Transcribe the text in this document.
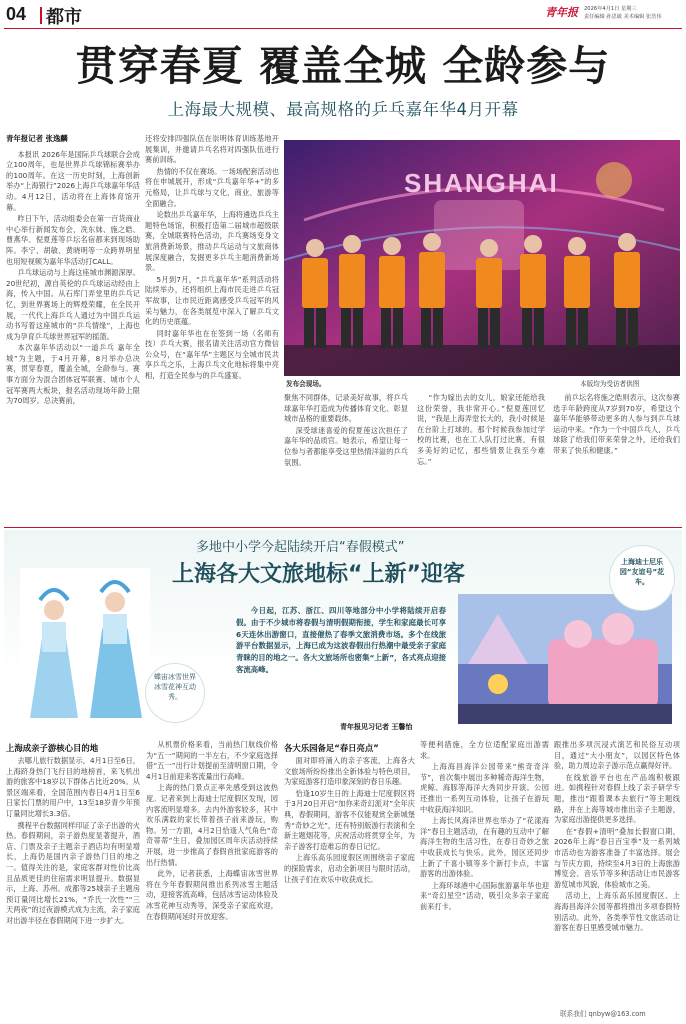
04 都市	青年报 2026年4月1日 星期三
责任编辑 孙思敏 美术编辑 张浩伟
贯穿春夏 覆盖全城 全龄参与
上海最大规模、最高规格的乒乓嘉年华4月开幕
青年报记者 张逸麟

本报讯 2026年是国际乒乓球联合会成立100周年，也是世界乒乓球锦标赛举办的100周年。在这一历史时刻，上海创新举办“上海银行”2026上海乒乓球嘉年华活动。4月12日，活动将在上海体育馆开幕。

昨日下午，活动组委会在第一百货商业中心举行新闻发布会，冼东妹、施之皓、曹燕华、倪夏莲等乒坛名宿都来到现场助阵。李宁、胡敏、黄晓明等一众跨界明星也用短视频为嘉年华活动打CALL。

乒乓球运动与上海这座城市渊源深厚。20世纪初，源自英伦的乒乓球运动经由上海，传入中国。从石库门弄堂里的乒乓记忆，到世界赛场上的辉煌荣耀，在全民开展，一代代上海乒乓人通过为中国乒乓运动书写着这座城市的“乒乓情缘”，上海也成为孕育乒乓球世界冠军的摇篮。

本次嘉年华活动以“一道乒乓 嘉年全城”为主题，于4月开幕，8月举办总决赛，贯穿春夏，覆盖全城，全龄参与。赛事方面分为混合团体冠军联赛、城市个人冠军赛两大板块，报名活动现场年龄上限为70周岁。总决赛前，

还将安排四强队伍在崇明体育训练基地开展集训，并邀请乒乓名将对四强队伍进行赛前训练。

热情的不仅在赛场。一场场配套活动也将在申城展开，形成“乒乓嘉年华+”的多元格局，让乒乓球与文化、商业、旅游等全面融合。

论数出乒乓嘉年华，上海将遴选乒乓主题特色场馆，积极打造第二届城市超级联赛，全城联赛特色活动，乒乓赛场变身文旅消费新场景，推动乒乓运动与文旅商体展深度融合，发掘更多乒乓主题消费新场景。

5月到7月，“乒乓嘉年华”系列活动将陆续举办，还将组织上海市民走进乒乓冠军故事，让市民近距离感受乒乓冠军的风采与魅力，在各类展览中深入了解乒乓文化的历史底蕴。

同时嘉年华也在在签到一场（名师有技）乒乓大赛，报名请关注活动官方微信公众号，在“嘉年华”主题区与全城市民共享乒乓之乐，上海乒乓文化地标将集中亮相，打造全民参与的乒乓盛宴。

SHANGHAI
发布会现场。	本版均为受访者供图

聚焦不同群体，记录美好故事，将乒乓球嘉年华打造成为传播体育文化、彰显城市品格的重要载体。

深受球迷喜爱的倪夏莲这次担任了嘉年华的品质官。她表示，希望让每一位参与者都能享受这里热情洋溢的乒乓氛围。

“作为嫁出去的女儿，娘家还能给我这份荣誉，我非常开心。”倪夏莲回忆说，“我是上海弄堂长大的，我小时候是在台阶上打球的。那个时候我参加过学校的比赛，也在工人队打过比赛，有很多美好的记忆，那些情景让我至今难忘。”

前乒坛名将施之皓则表示，这次参赛选手年龄跨度从7岁到70岁，希望这个嘉年华能够带动更多的人参与到乒乓球运动中来。“作为一个中国乒乓人，乒乓球除了给我们带来荣誉之外，还给我们带来了快乐和健康。”

多地中小学今起陆续开启“春假模式”
上海各大文旅地标“上新”迎客
蝶宙冰雪世界冰雪花神互动秀。
今日起，江苏、浙江、四川等地部分中小学将陆续开启春假。由于不少城市将春假与清明假期衔接，学生和家庭最长可享6天连休出游窗口，直接催热了春季文旅消费市场。多个在线旅游平台数据显示，上海已成为这波春假出行热潮中最受亲子家庭青睐的目的地之一。各大文旅场所也密集“上新”，各式亮点迎接客流高峰。
青年报见习记者 王馨怡
上海迪士尼乐园“友谊号”花车。
上海成亲子游核心目的地

去哪儿旅行数据显示，4月1日至6日，上海跻身热门飞行目的地榜首，来飞机出游的旅客中18岁以下群体占比近20%。从景区端来看，全国范围内春日4月1日至6日家长门票的用户中，13至18岁青少年预订量同比增长3.3倍。

携程平台数据同样印证了亲子出游的火热。春假期间，亲子游热度显著提升，酒店、门票及亲子主题亲子酒店均有明显增长，上海仍是国内亲子游热门目的地之一。值得关注的是，家庭客群对性价比高且品质更佳的住宿需求明显提升。数据显示，上海、苏州、成都等25城亲子主题房预订量同比增长21%，“乔氏一次性”“三天两夜”的过夜游模式成为主流，亲子家庭对出游半径在春假期间下进一步扩大。

从机票价格来看，当前热门航线价格为“五一”期间的一半左右，不少家庭选择借“五一”出行计划提前至清明窗口期，令4月1日前迎来客流量出行高峰。

上海的热门景点正率先感受到这波热度。记者来到上海迪士尼度假区发现，园内客流明显增多。去内外游客较多，其中欢乐满载的家长带着孩子前来游玩，购物。另一方面，4月2日恰逢人气角色“奇奇蒂蒂”生日，叠加园区周年庆活动持续开展，进一步推高了春假首批家庭游客的出行热情。

此外，记者获悉，上海蝶宙冰雪世界将在今年春假期间推出系列冰雪主题活动，迎接客流高峰，包括冰雪运动体验及冰雪花神互动秀等，深受亲子家庭欢迎，在春假期间延时开放迎客。

各大乐园备足“春日亮点”

面对即将涌入的亲子客流，上海各大文旅场所纷纷推出全新体验与特色项目，为家庭游客打造印象深刻的春日乐趣。

恰逢10岁生日的上海迪士尼度假区将于3月20日开启“加你来奇幻派对”全年庆典，春假期间，游客不仅能观赏全新城堡秀“奇妙之光”，还有特别版游行表演和全新主题烟花等，庆祝活动将贯穿全年，为亲子游客打造难忘的春日记忆。

上海乐高乐园度假区则围绕亲子家庭的探险需求，启动全新项目与限时活动，让孩子们在欢乐中收获成长。

等便利措施，全方位适配家庭出游需求。

上海海昌海洋公园带来“熊奇奇洋节”，首次集中展出多种稀奇海洋生物，虎鲸、海豚等海洋大秀同步开演。公园还推出一系列互动体验，让孩子在游玩中收获海洋知识。

上海长风海洋世界也举办了“花漾海洋”春日主题活动，在有趣的互动中了解海洋生物的生活习性，在春日奇妙之旅中收获成长与快乐。此外，园区还同步上新了千喜小镇等多个新打卡点，丰富游客的出游体验。

上海环球港中心国际旅游嘉年华也迎来“奇幻星空”活动，吸引众多亲子家庭前来打卡。

跟推出多项沉浸式演艺和民俗互动项目，通过“大小朋友”，以园区特色体验，助力周边亲子游示范点赢得好评。

在线旅游平台也在产品端积极跟进。如携程针对春假上线了亲子研学专题，推出“跟着课本去旅行”等主题线路，并在上海等城市推出亲子主题游，为家庭出游提供更多选择。

在“春假+清明”叠加长假窗口期，2026年上海“春日百宝季”及一系列城市活动也为游客准备了丰富选择。展会与节庆方面，持续至4月3日的上海旅游博览会、音乐节等多种活动让市民游客游览城市风貌，体验城市之美。

活动上，上海乐高乐园度假区、上海海昌海洋公园等都将推出多项春假特别活动。此外，各类季节性文旅活动让游客在春日里感受城市魅力。

联系我们 qnbyw@163.com
